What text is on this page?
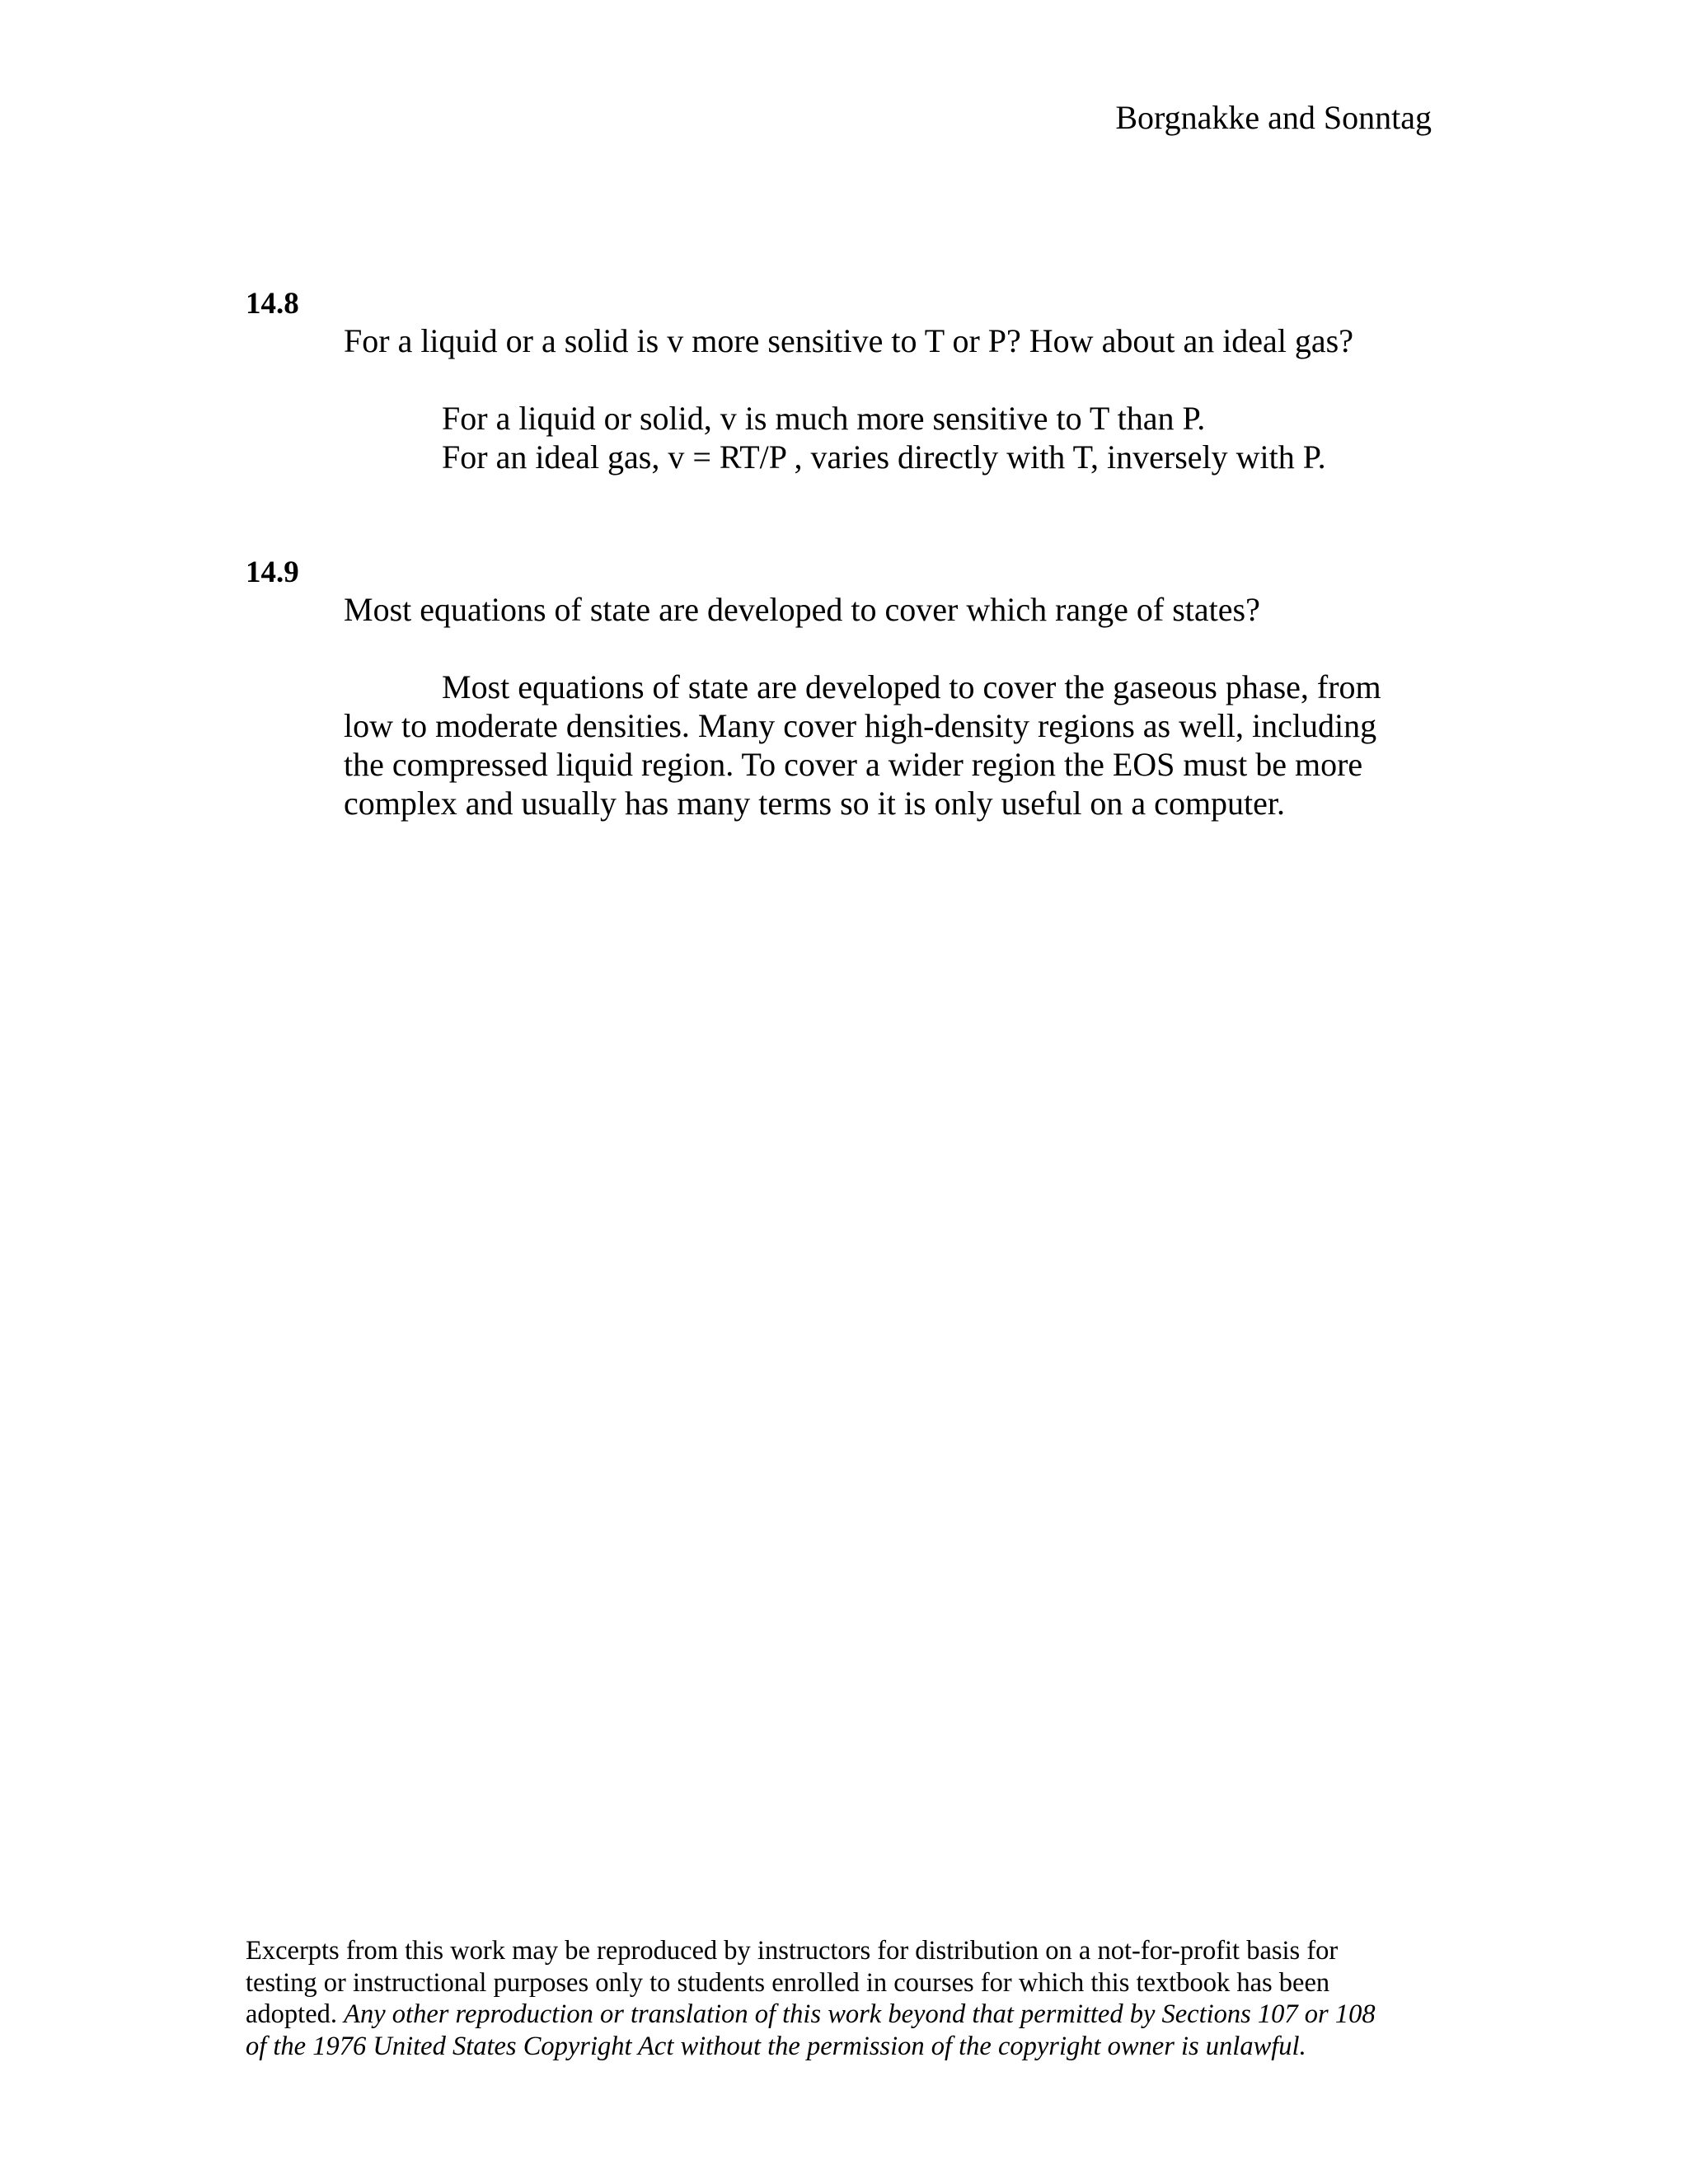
Borgnakke and Sonntag
14.8
For a liquid or a solid is v more sensitive to T or P? How about an ideal gas?
For a liquid or solid, v is much more sensitive to T than P.
For an ideal gas, v = RT/P , varies directly with T, inversely with P.
14.9
Most equations of state are developed to cover which range of states?
Most equations of state are developed to cover the gaseous phase, from
low to moderate densities. Many cover high-density regions as well, including
the compressed liquid region. To cover a wider region the EOS must be more
complex and usually has many terms so it is only useful on a computer.
Excerpts from this work may be reproduced by instructors for distribution on a not-for-profit basis for
testing or instructional purposes only to students enrolled in courses for which this textbook has been
adopted. Any other reproduction or translation of this work beyond that permitted by Sections 107 or 108
of the 1976 United States Copyright Act without the permission of the copyright owner is unlawful.
